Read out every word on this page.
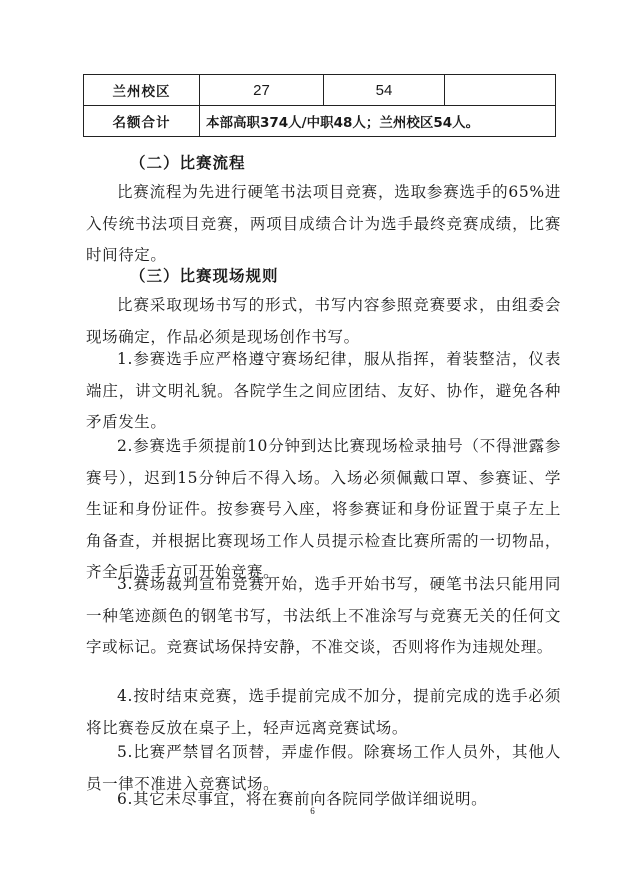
兰州校区	27	54	
名额合计	本部高职374人/中职48人；兰州校区54人。		
（二）比赛流程
比赛流程为先进行硬笔书法项目竞赛，选取参赛选手的65%进入传统书法项目竞赛，两项目成绩合计为选手最终竞赛成绩，比赛时间待定。
（三）比赛现场规则
比赛采取现场书写的形式，书写内容参照竞赛要求，由组委会现场确定，作品必须是现场创作书写。
1.参赛选手应严格遵守赛场纪律，服从指挥，着装整洁，仪表端庄，讲文明礼貌。各院学生之间应团结、友好、协作，避免各种矛盾发生。
2.参赛选手须提前10分钟到达比赛现场检录抽号（不得泄露参赛号），迟到15分钟后不得入场。入场必须佩戴口罩、参赛证、学生证和身份证件。按参赛号入座，将参赛证和身份证置于桌子左上角备查，并根据比赛现场工作人员提示检查比赛所需的一切物品，齐全后选手方可开始竞赛。
3.赛场裁判宣布竞赛开始，选手开始书写，硬笔书法只能用同一种笔迹颜色的钢笔书写，书法纸上不准涂写与竞赛无关的任何文字或标记。竞赛试场保持安静，不准交谈，否则将作为违规处理。
4.按时结束竞赛，选手提前完成不加分，提前完成的选手必须将比赛卷反放在桌子上，轻声远离竞赛试场。
5.比赛严禁冒名顶替，弄虚作假。除赛场工作人员外，其他人员一律不准进入竞赛试场。
6.其它未尽事宜，将在赛前向各院同学做详细说明。
6
